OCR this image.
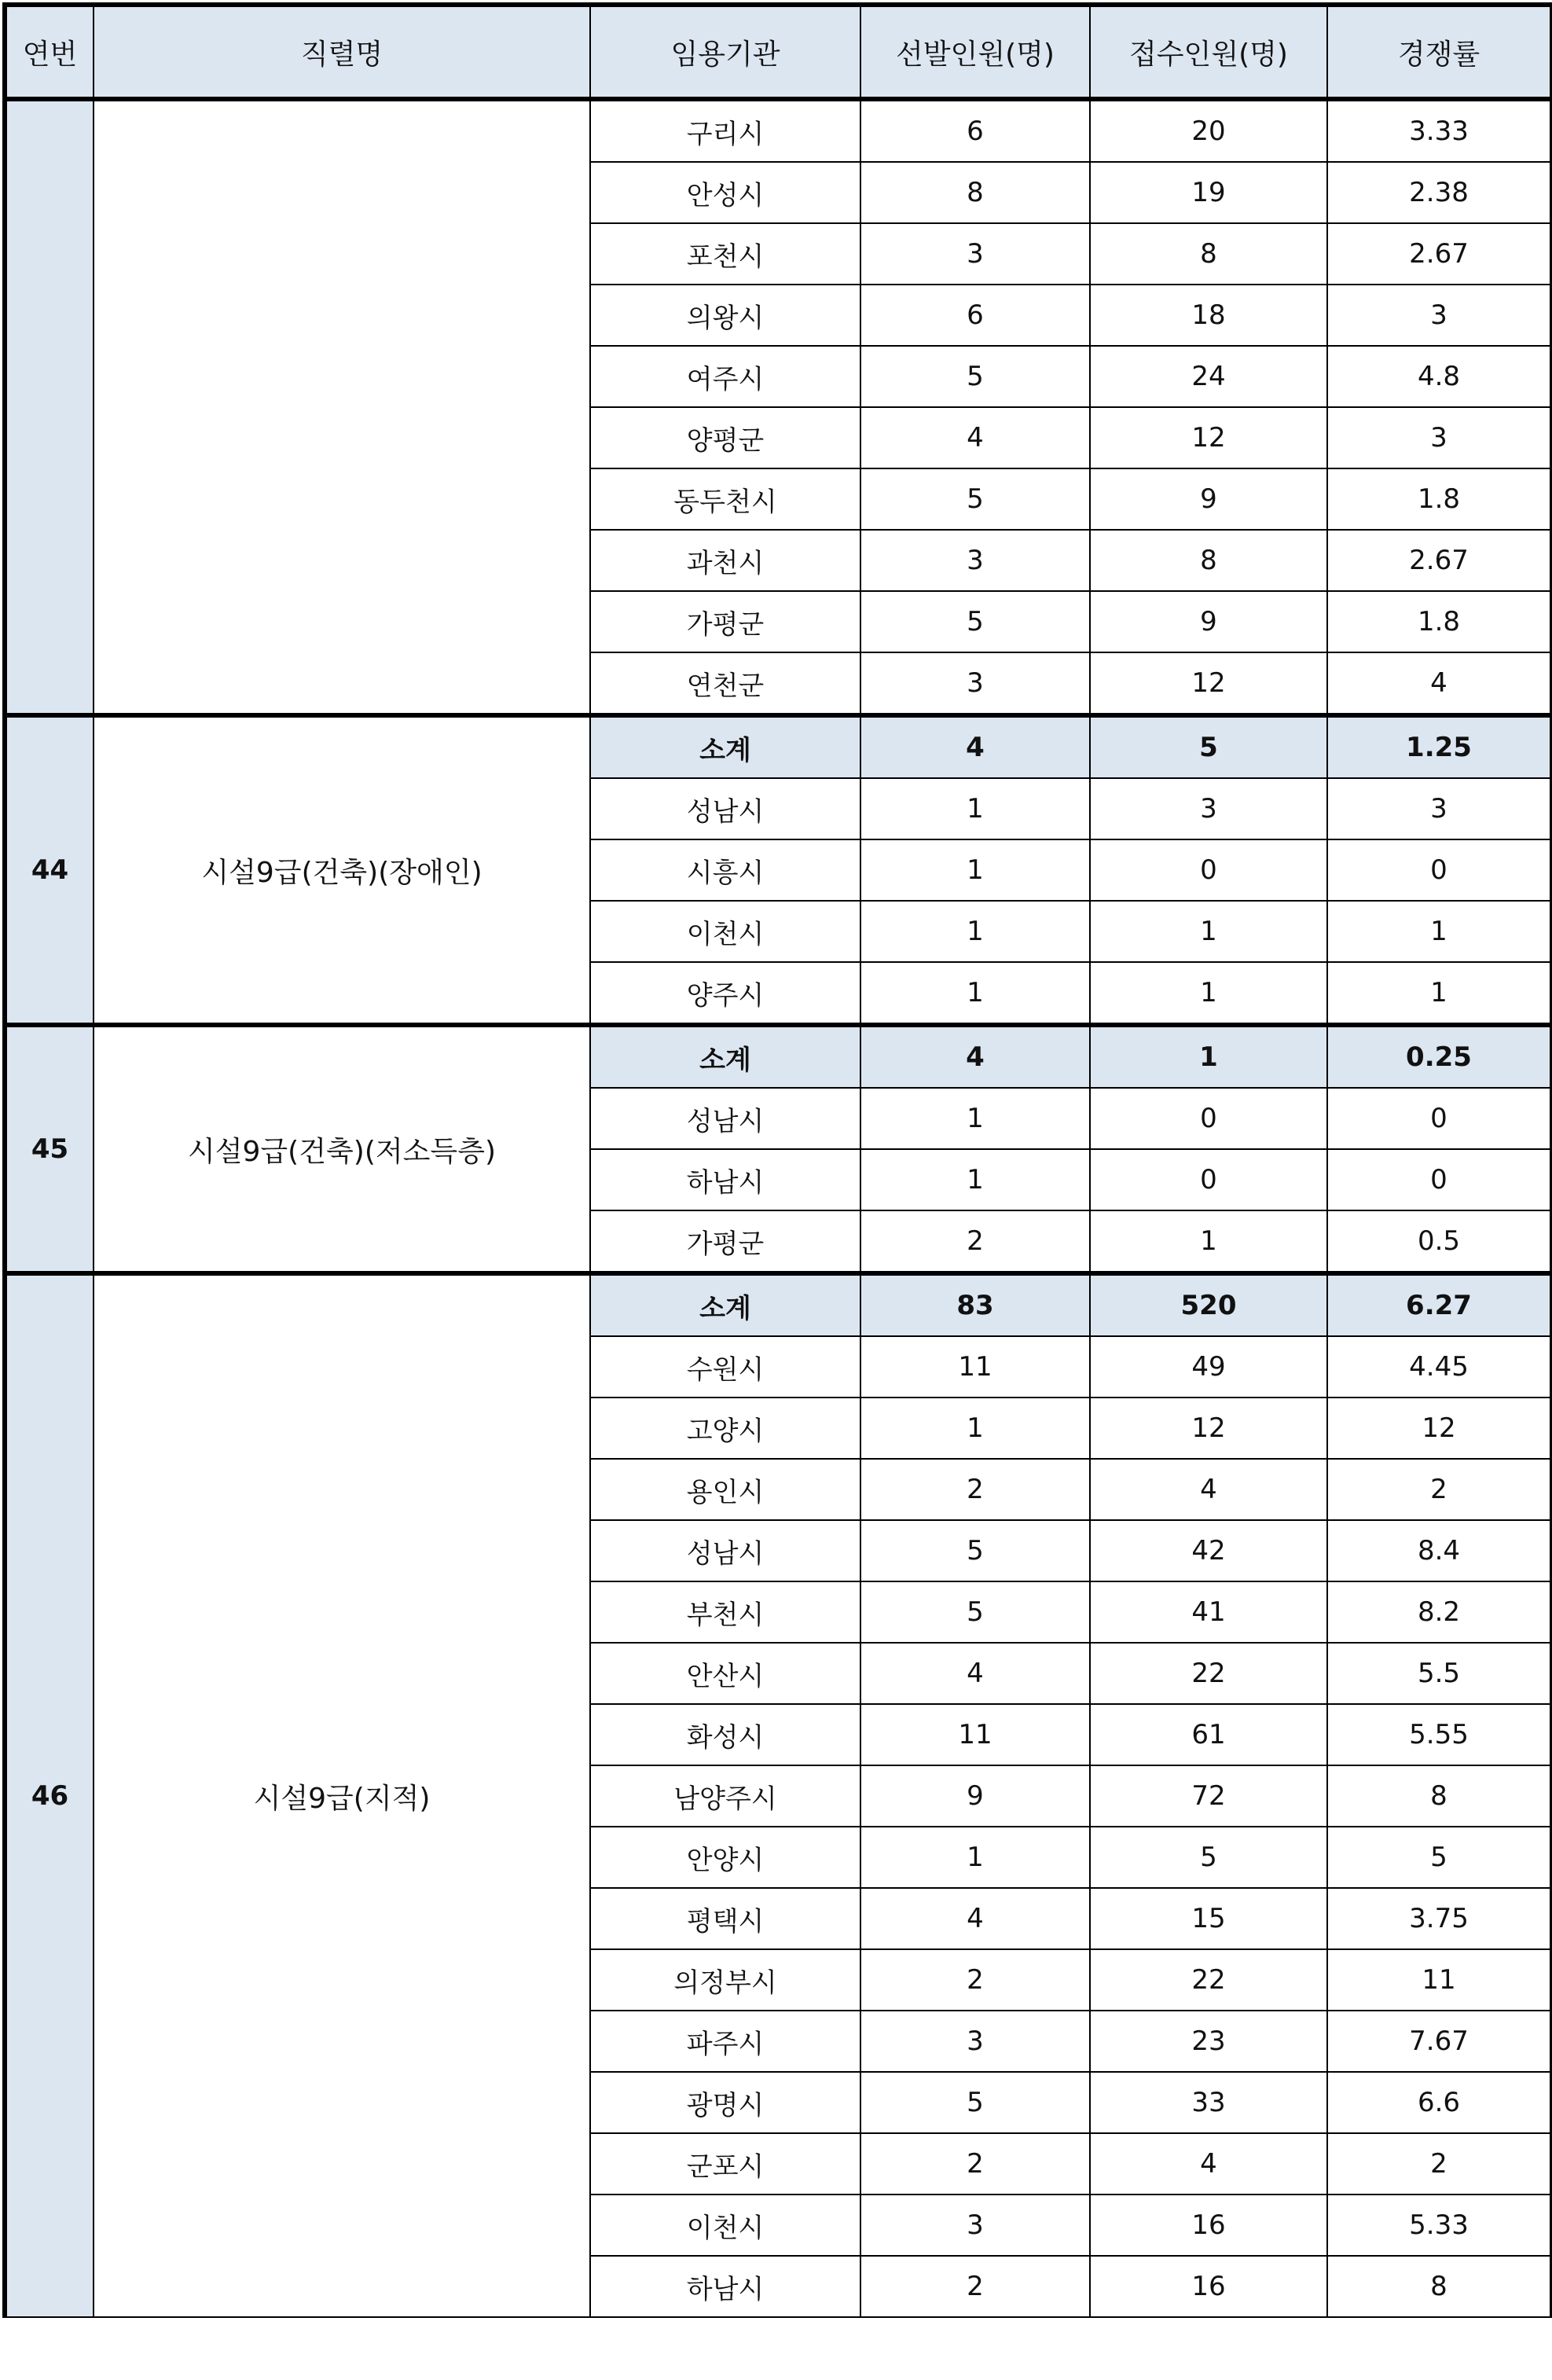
연번	직렬명	임용기관	선발인원(명)	접수인원(명)	경쟁률
		구리시	6	20	3.33
		안성시	8	19	2.38
		포천시	3	8	2.67
		의왕시	6	18	3
		여주시	5	24	4.8
		양평군	4	12	3
		동두천시	5	9	1.8
		과천시	3	8	2.67
		가평군	5	9	1.8
		연천군	3	12	4
44	시설9급(건축)(장애인)	소계	4	5	1.25
		성남시	1	3	3
		시흥시	1	0	0
		이천시	1	1	1
		양주시	1	1	1
45	시설9급(건축)(저소득층)	소계	4	1	0.25
		성남시	1	0	0
		하남시	1	0	0
		가평군	2	1	0.5
46	시설9급(지적)	소계	83	520	6.27
		수원시	11	49	4.45
		고양시	1	12	12
		용인시	2	4	2
		성남시	5	42	8.4
		부천시	5	41	8.2
		안산시	4	22	5.5
		화성시	11	61	5.55
		남양주시	9	72	8
		안양시	1	5	5
		평택시	4	15	3.75
		의정부시	2	22	11
		파주시	3	23	7.67
		광명시	5	33	6.6
		군포시	2	4	2
		이천시	3	16	5.33
		하남시	2	16	8
